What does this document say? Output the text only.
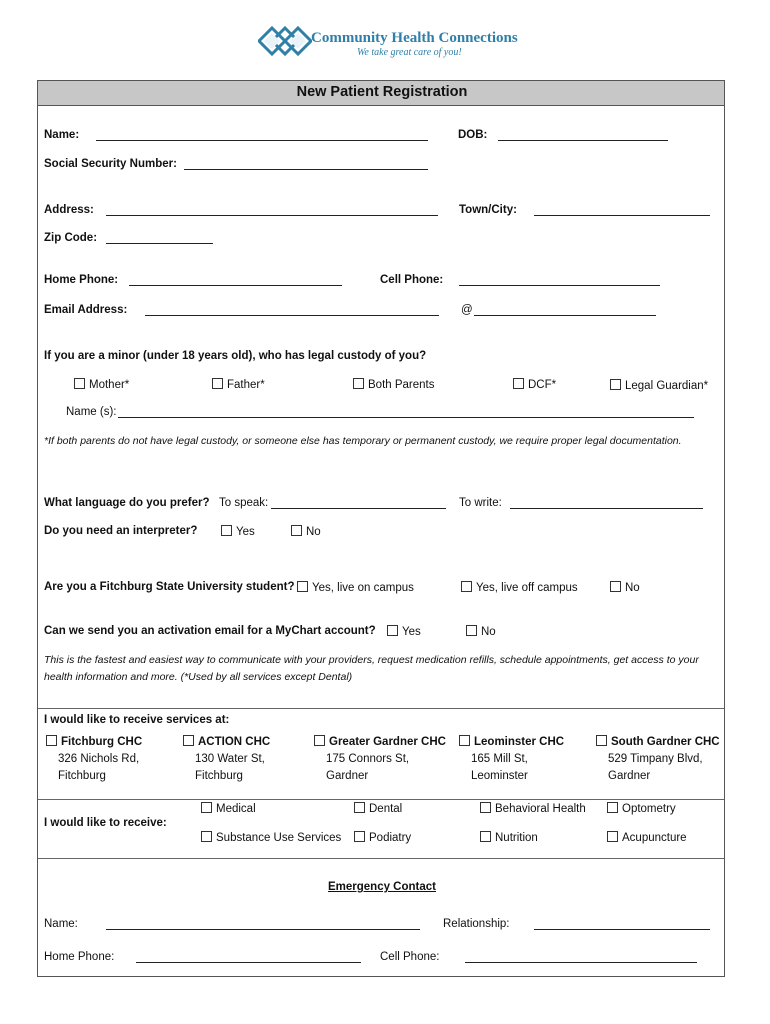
Community Health Connections
We take great care of you!
New Patient Registration
Name:	DOB:
Social Security Number:
Address:	Town/City:
Zip Code:
Home Phone:	Cell Phone:
Email Address:	@
If you are a minor (under 18 years old), who has legal custody of you?
Mother*	Father*	Both Parents	DCF*	Legal Guardian*
Name (s):
*If both parents do not have legal custody, or someone else has temporary or permanent custody, we require proper legal documentation.
What language do you prefer? To speak:	To write:
Do you need an interpreter?	Yes	No
Are you a Fitchburg State University student?	Yes, live on campus	Yes, live off campus	No
Can we send you an activation email for a MyChart account?	Yes	No
This is the fastest and easiest way to communicate with your providers, request medication refills, schedule appointments, get access to your health information and more. (*Used by all services except Dental)
I would like to receive services at:
Fitchburg CHC
326 Nichols Rd,
Fitchburg
ACTION CHC
130 Water St,
Fitchburg
Greater Gardner CHC
175 Connors St,
Gardner
Leominster CHC
165 Mill St,
Leominster
South Gardner CHC
529 Timpany Blvd,
Gardner
I would like to receive:
Medical	Dental	Behavioral Health	Optometry
Substance Use Services	Podiatry	Nutrition	Acupuncture
Emergency Contact
Name:	Relationship:
Home Phone:	Cell Phone:
